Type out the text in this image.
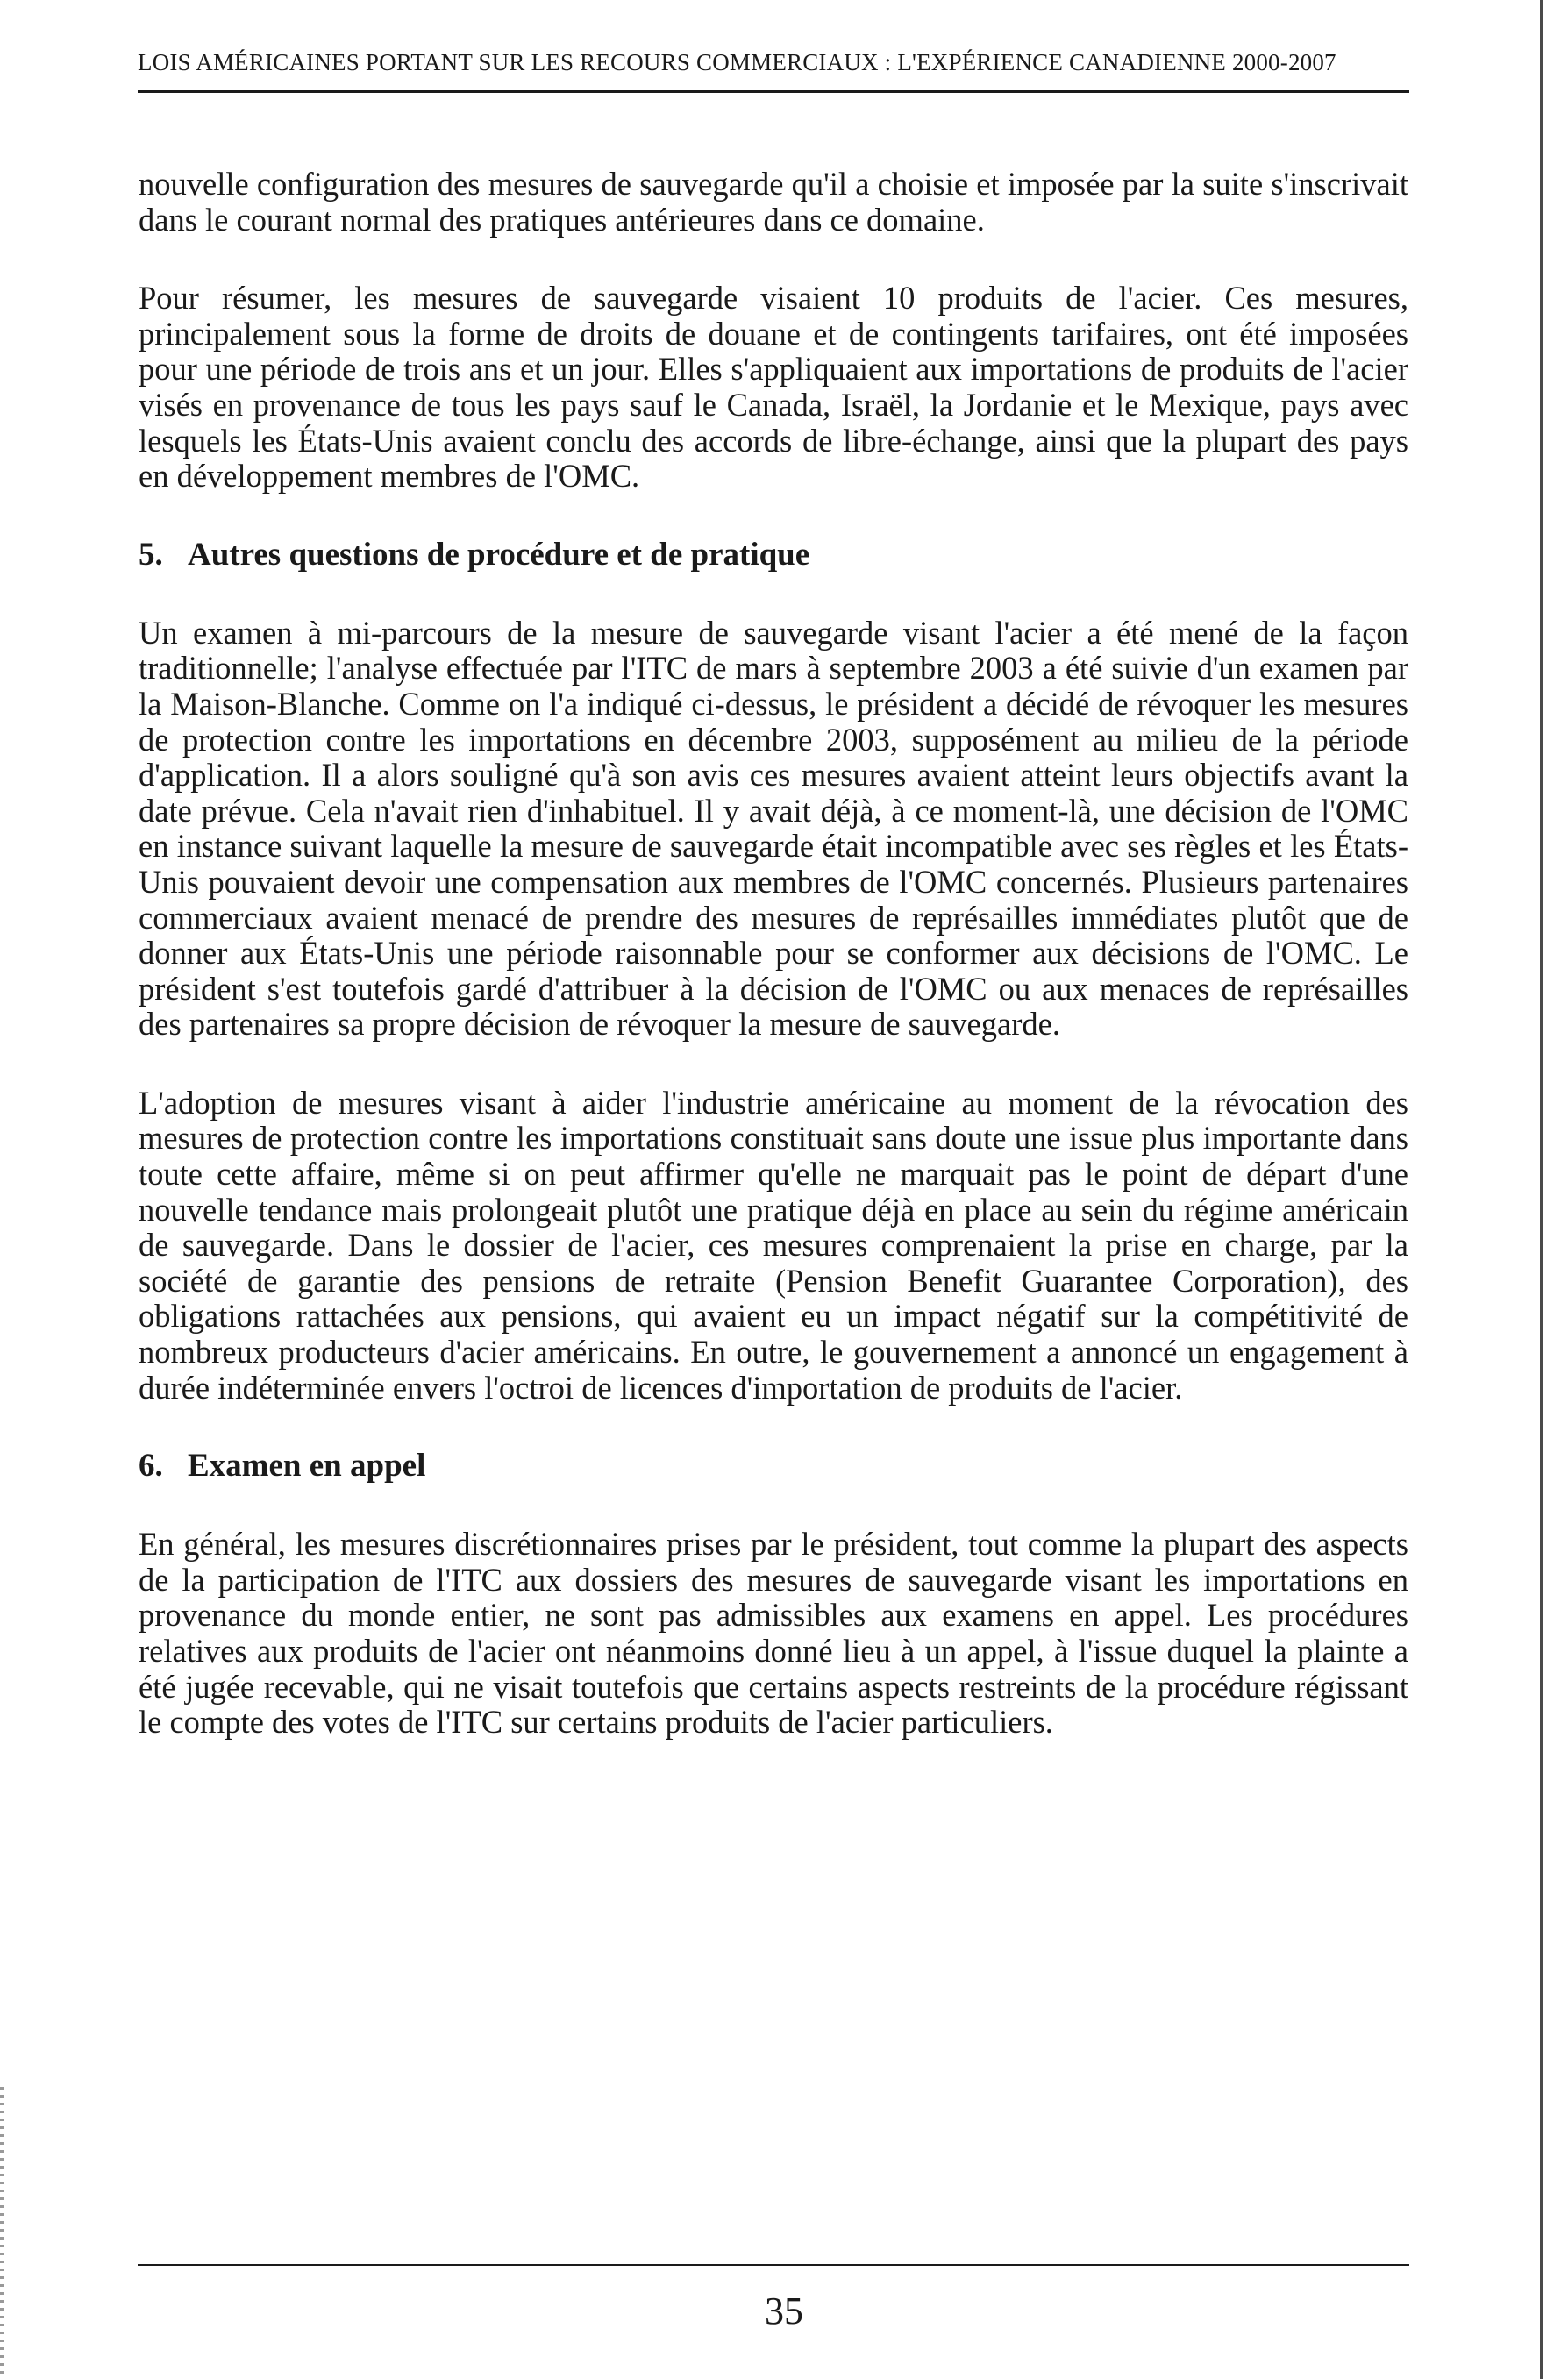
LOIS AMÉRICAINES PORTANT SUR LES RECOURS COMMERCIAUX : L'EXPÉRIENCE CANADIENNE 2000-2007

nouvelle configuration des mesures de sauvegarde qu'il a choisie et imposée par la suite s'inscrivait dans le courant normal des pratiques antérieures dans ce domaine.

Pour résumer, les mesures de sauvegarde visaient 10 produits de l'acier. Ces mesures, principalement sous la forme de droits de douane et de contingents tarifaires, ont été imposées pour une période de trois ans et un jour. Elles s'appliquaient aux importations de produits de l'acier visés en provenance de tous les pays sauf le Canada, Israël, la Jordanie et le Mexique, pays avec lesquels les États-Unis avaient conclu des accords de libre-échange, ainsi que la plupart des pays en développement membres de l'OMC.

5. Autres questions de procédure et de pratique

Un examen à mi-parcours de la mesure de sauvegarde visant l'acier a été mené de la façon traditionnelle; l'analyse effectuée par l'ITC de mars à septembre 2003 a été suivie d'un examen par la Maison-Blanche. Comme on l'a indiqué ci-dessus, le président a décidé de révoquer les mesures de protection contre les importations en décembre 2003, supposément au milieu de la période d'application. Il a alors souligné qu'à son avis ces mesures avaient atteint leurs objectifs avant la date prévue. Cela n'avait rien d'inhabituel. Il y avait déjà, à ce moment-là, une décision de l'OMC en instance suivant laquelle la mesure de sauvegarde était incompatible avec ses règles et les États-Unis pouvaient devoir une compensation aux membres de l'OMC concernés. Plusieurs partenaires commerciaux avaient menacé de prendre des mesures de représailles immédiates plutôt que de donner aux États-Unis une période raisonnable pour se conformer aux décisions de l'OMC. Le président s'est toutefois gardé d'attribuer à la décision de l'OMC ou aux menaces de représailles des partenaires sa propre décision de révoquer la mesure de sauvegarde.

L'adoption de mesures visant à aider l'industrie américaine au moment de la révocation des mesures de protection contre les importations constituait sans doute une issue plus importante dans toute cette affaire, même si on peut affirmer qu'elle ne marquait pas le point de départ d'une nouvelle tendance mais prolongeait plutôt une pratique déjà en place au sein du régime américain de sauvegarde. Dans le dossier de l'acier, ces mesures comprenaient la prise en charge, par la société de garantie des pensions de retraite (Pension Benefit Guarantee Corporation), des obligations rattachées aux pensions, qui avaient eu un impact négatif sur la compétitivité de nombreux producteurs d'acier américains. En outre, le gouvernement a annoncé un engagement à durée indéterminée envers l'octroi de licences d'importation de produits de l'acier.

6. Examen en appel

En général, les mesures discrétionnaires prises par le président, tout comme la plupart des aspects de la participation de l'ITC aux dossiers des mesures de sauvegarde visant les importations en provenance du monde entier, ne sont pas admissibles aux examens en appel. Les procédures relatives aux produits de l'acier ont néanmoins donné lieu à un appel, à l'issue duquel la plainte a été jugée recevable, qui ne visait toutefois que certains aspects restreints de la procédure régissant le compte des votes de l'ITC sur certains produits de l'acier particuliers.

35
